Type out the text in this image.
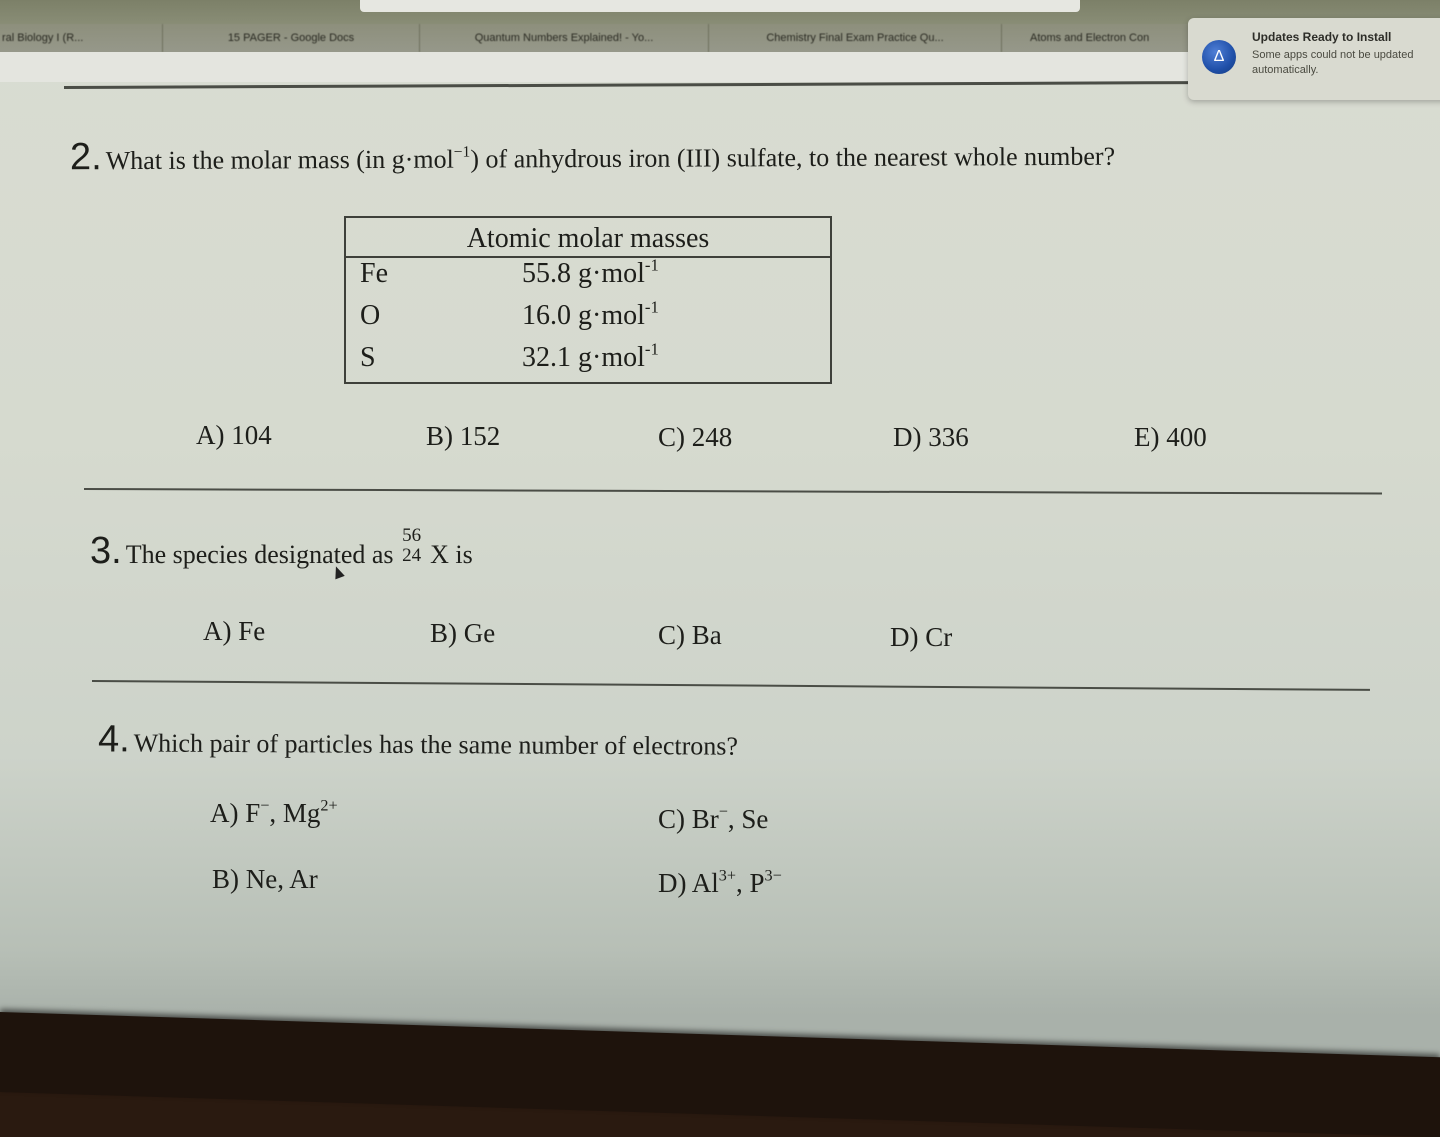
ral Biology I (R...	15 PAGER - Google Docs	Quantum Numbers Explained! - Yo...	Chemistry Final Exam Practice Qu...	Atoms and Electron Con
∆
Updates Ready to Install
Some apps could not be updated automatically.
2. What is the molar mass (in g·mol$^{-1}$) of anhydrous iron (III) sulfate, to the nearest whole number?
Atomic molar masses
Fe	55.8 g·mol$^{-1}$
O	16.0 g·mol$^{-1}$
S	32.1 g·mol$^{-1}$
A) 104	B) 152	C) 248	D) 336	E) 400
3. The species designated as
56
24 X is
A) Fe	B) Ge	C) Ba	D) Cr
4. Which pair of particles has the same number of electrons?
A) F−, $Mg^{2+}$
B) Ne, Ar
C) Br−, Se
D) $Al^{3+}$, $P^{3-}$
